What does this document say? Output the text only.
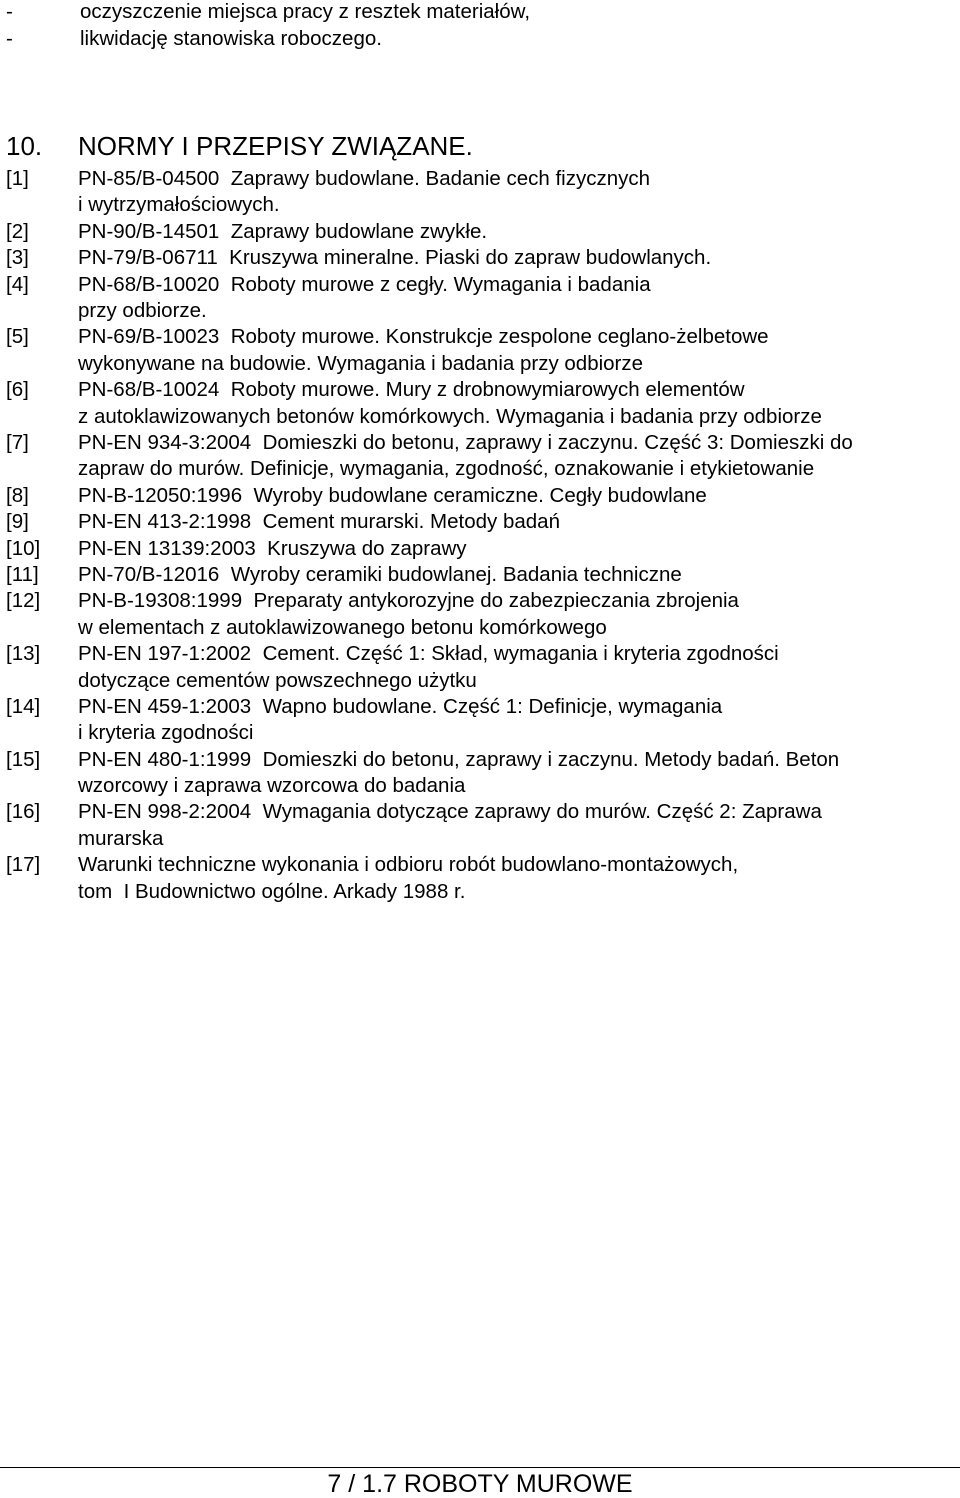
-	oczyszczenie miejsca pracy z resztek materiałów,
-	likwidację stanowiska roboczego.
10.	NORMY I PRZEPISY ZWIĄZANE.
[1]	PN-85/B-04500  Zaprawy budowlane. Badanie cech fizycznych
i wytrzymałościowych.
[2]	PN-90/B-14501  Zaprawy budowlane zwykłe.
[3]	PN-79/B-06711  Kruszywa mineralne. Piaski do zapraw budowlanych.
[4]	PN-68/B-10020  Roboty murowe z cegły. Wymagania i badania
przy odbiorze.
[5]	PN-69/B-10023  Roboty murowe. Konstrukcje zespolone ceglano-żelbetowe
wykonywane na budowie. Wymagania i badania przy odbiorze
[6]	PN-68/B-10024  Roboty murowe. Mury z drobnowymiarowych elementów
z autoklawizowanych betonów komórkowych. Wymagania i badania przy odbiorze
[7]	PN-EN 934-3:2004  Domieszki do betonu, zaprawy i zaczynu. Część 3: Domieszki do
zapraw do murów. Definicje, wymagania, zgodność, oznakowanie i etykietowanie
[8]	PN-B-12050:1996  Wyroby budowlane ceramiczne. Cegły budowlane
[9]	PN-EN 413-2:1998  Cement murarski. Metody badań
[10]	PN-EN 13139:2003  Kruszywa do zaprawy
[11]	PN-70/B-12016  Wyroby ceramiki budowlanej. Badania techniczne
[12]	PN-B-19308:1999  Preparaty antykorozyjne do zabezpieczania zbrojenia
w elementach z autoklawizowanego betonu komórkowego
[13]	PN-EN 197-1:2002  Cement. Część 1: Skład, wymagania i kryteria zgodności
dotyczące cementów powszechnego użytku
[14]	PN-EN 459-1:2003  Wapno budowlane. Część 1: Definicje, wymagania
i kryteria zgodności
[15]	PN-EN 480-1:1999  Domieszki do betonu, zaprawy i zaczynu. Metody badań. Beton
wzorcowy i zaprawa wzorcowa do badania
[16]	PN-EN 998-2:2004  Wymagania dotyczące zaprawy do murów. Część 2: Zaprawa
murarska
[17]	Warunki techniczne wykonania i odbioru robót budowlano-montażowych,
tom  I Budownictwo ogólne. Arkady 1988 r.
7 / 1.7 ROBOTY MUROWE
